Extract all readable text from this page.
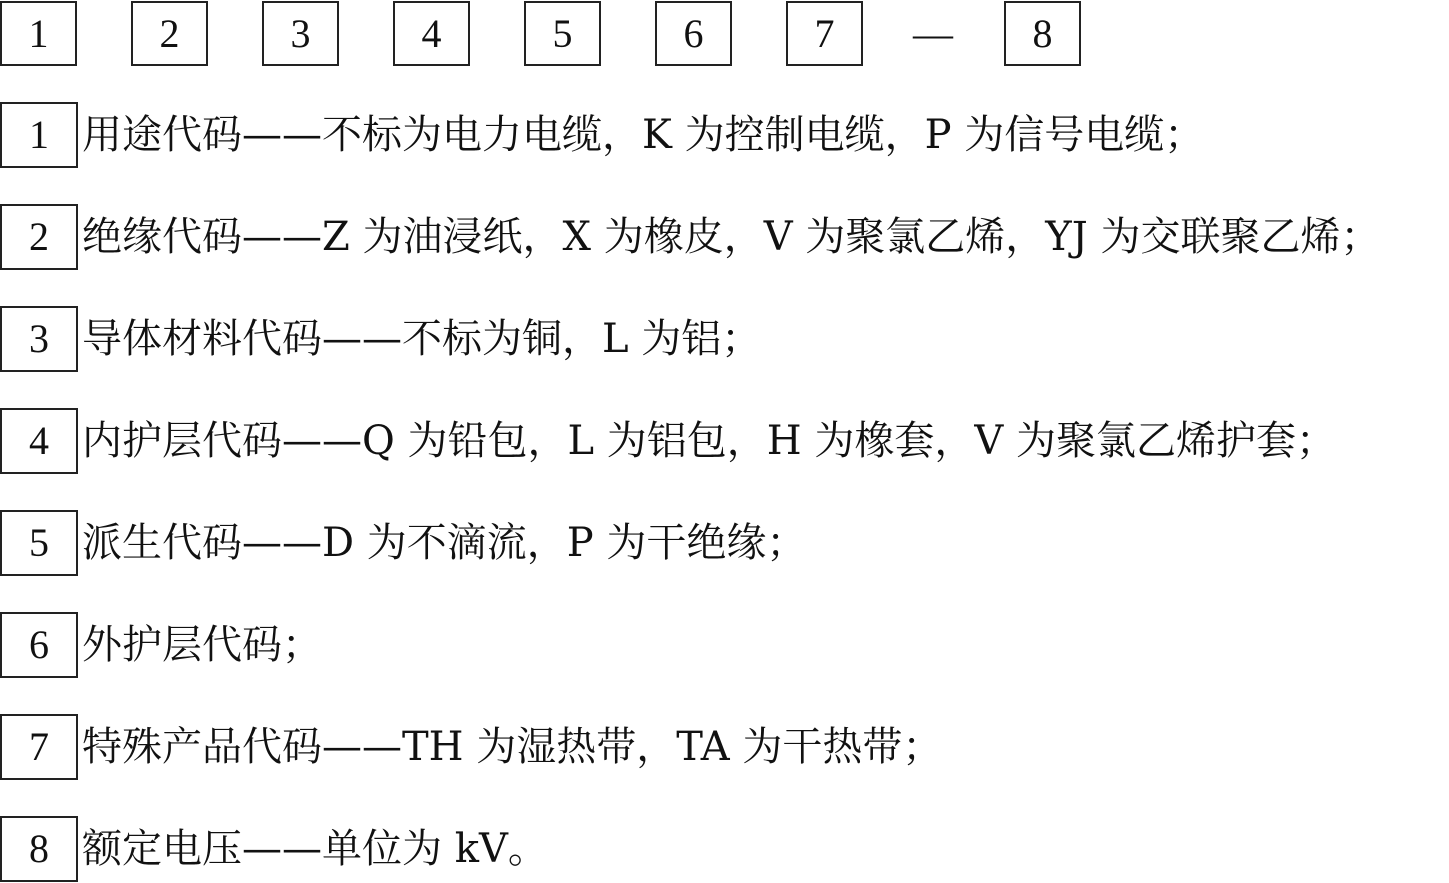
1	2	3	4	5	6	7	—	8
1 用途代码——不标为电力电缆，K 为控制电缆，P 为信号电缆；
2 绝缘代码——Z 为油浸纸，X 为橡皮，V 为聚氯乙烯，YJ 为交联聚乙烯；
3 导体材料代码——不标为铜，L 为铝；
4 内护层代码——Q 为铅包，L 为铝包，H 为橡套，V 为聚氯乙烯护套；
5 派生代码——D 为不滴流，P 为干绝缘；
6 外护层代码；
7 特殊产品代码——TH 为湿热带，TA 为干热带；
8 额定电压——单位为 kV。
